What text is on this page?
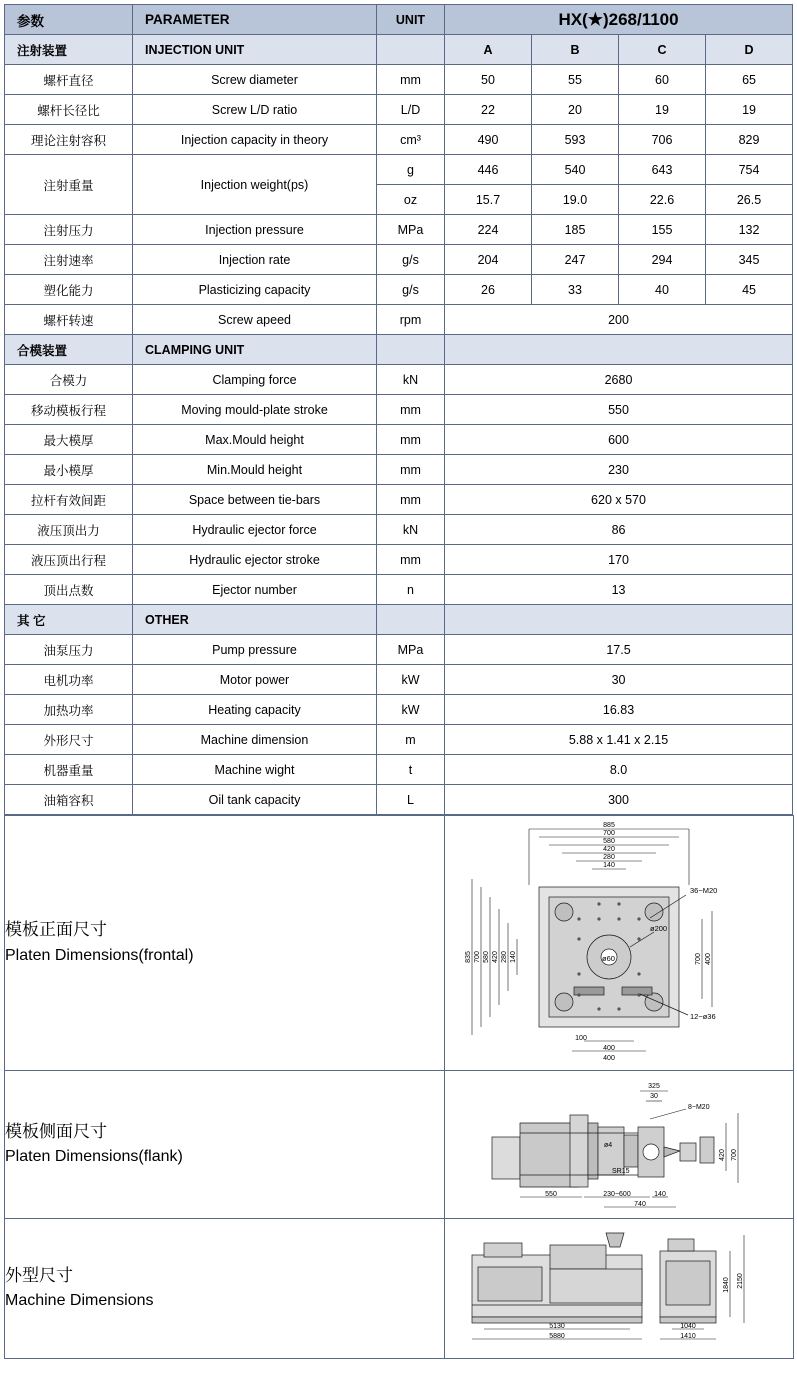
参数	PARAMETER	UNIT	HX(★)268/1100			
注射装置	INJECTION UNIT		A	B	C	D
螺杆直径	Screw diameter	mm	50	55	60	65
螺杆长径比	Screw L/D ratio	L/D	22	20	19	19
理论注射容积	Injection capacity in theory	cm³	490	593	706	829
注射重量	Injection weight(ps)	g	446	540	643	754
		oz	15.7	19.0	22.6	26.5
注射压力	Injection pressure	MPa	224	185	155	132
注射速率	Injection rate	g/s	204	247	294	345
塑化能力	Plasticizing capacity	g/s	26	33	40	45
螺杆转速	Screw apeed	rpm	200			
合模装置	CLAMPING UNIT					
合模力	Clamping force	kN	2680			
移动模板行程	Moving mould-plate stroke	mm	550			
最大模厚	Max.Mould height	mm	600			
最小模厚	Min.Mould height	mm	230			
拉杆有效间距	Space between tie-bars	mm	620 x 570			
液压顶出力	Hydraulic ejector force	kN	86			
液压顶出行程	Hydraulic ejector stroke	mm	170			
顶出点数	Ejector number	n	13			
其 它	OTHER					
油泵压力	Pump pressure	MPa	17.5			
电机功率	Motor power	kW	30			
加热功率	Heating capacity	kW	16.83			
外形尺寸	Machine dimension	m	5.88 x 1.41 x 2.15			
机器重量	Machine wight	t	8.0			
油箱容积	Oil tank capacity	L	300			
模板正面尺寸
Platen Dimensions(frontal)

885
700
580
420
280
140
100
400
400
835 700 580 420 280 140	700 400
36−M20
ø200
ø60
12−ø36

模板侧面尺寸
Platen Dimensions(flank)

325
30
550	230−600	140
740
8−M20
ø4
SR15
420 700

外型尺寸
Machine Dimensions

5130
5880
1040
1410
1840 2150
